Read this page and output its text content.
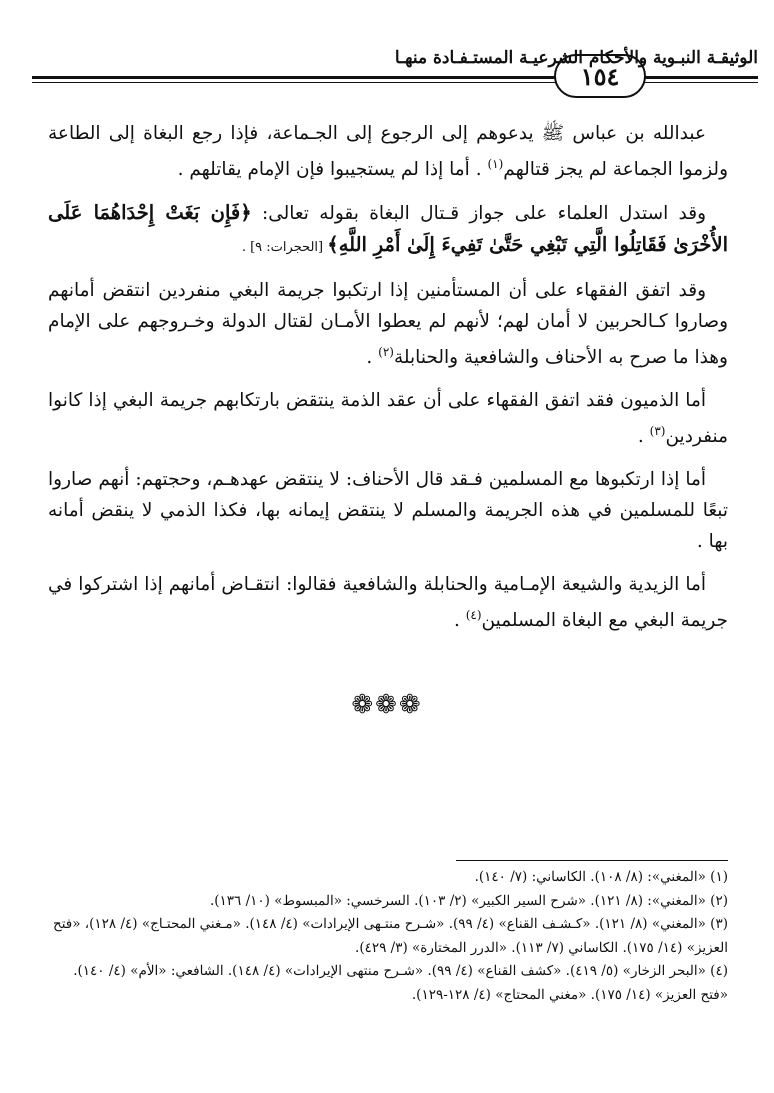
١٥٤
الوثيقـة النبـوية والأحكام الشرعيـة المستـفـادة منهـا

عبدالله بن عباس ﷺ يدعوهم إلى الرجوع إلى الجـماعة، فإذا رجع البغاة إلى الطاعة ولزموا الجماعة لم يجز قتالهم$^{(١)}$ . أما إذا لم يستجيبوا فإن الإمام يقاتلهم .

وقد استدل العلماء على جواز قـتال البغاة بقوله تعالى: ﴿فَإِن بَغَتْ إِحْدَاهُمَا عَلَى الأُخْرَىٰ فَقَاتِلُوا الَّتِي تَبْغِي حَتَّىٰ تَفِيءَ إِلَىٰ أَمْرِ اللَّهِ﴾ [الحجرات: ٩] .

وقد اتفق الفقهاء على أن المستأمنين إذا ارتكبوا جريمة البغي منفردين انتقض أمانهم وصاروا كـالحربين لا أمان لهم؛ لأنهم لم يعطوا الأمـان لقتال الدولة وخـروجهم على الإمام وهذا ما صرح به الأحناف والشافعية والحنابلة$^{(٢)}$ .

أما الذميون فقد اتفق الفقهاء على أن عقد الذمة ينتقض بارتكابهم جريمة البغي إذا كانوا منفردين$^{(٣)}$ .

أما إذا ارتكبوها مع المسلمين فـقد قال الأحناف: لا ينتقض عهدهـم، وحجتهم: أنهم صاروا تبعًا للمسلمين في هذه الجريمة والمسلم لا ينتقض إيمانه بها، فكذا الذمي لا ينقض أمانه بها .

أما الزيدية والشيعة الإمـامية والحنابلة والشافعية فقالوا: انتقـاض أمانهم إذا اشتركوا في جريمة البغي مع البغاة المسلمين$^{(٤)}$ .

❁❁❁
(١) «المغني»: (٨/ ١٠٨). الكاساني: (٧/ ١٤٠).
(٢) «المغني»: (٨/ ١٢١). «شرح السير الكبير» (٢/ ١٠٣). السرخسي: «المبسوط» (١٠/ ١٣٦).
(٣) «المغني» (٨/ ١٢١). «كـشـف القناع» (٤/ ٩٩). «شـرح منتـهى الإيرادات» (٤/ ١٤٨). «مـغني المحتـاج» (٤/ ١٢٨)، «فتح العزيز» (١٤/ ١٧٥). الكاساني (٧/ ١١٣). «الدرر المختارة» (٣/ ٤٢٩).
(٤) «البحر الزخار» (٥/ ٤١٩). «كشف القناع» (٤/ ٩٩). «شـرح منتهى الإيرادات» (٤/ ١٤٨). الشافعي: «الأم» (٤/ ١٤٠). «فتح العزيز» (١٤/ ١٧٥). «مغني المحتاج» (٤/ ١٢٨-١٢٩).
